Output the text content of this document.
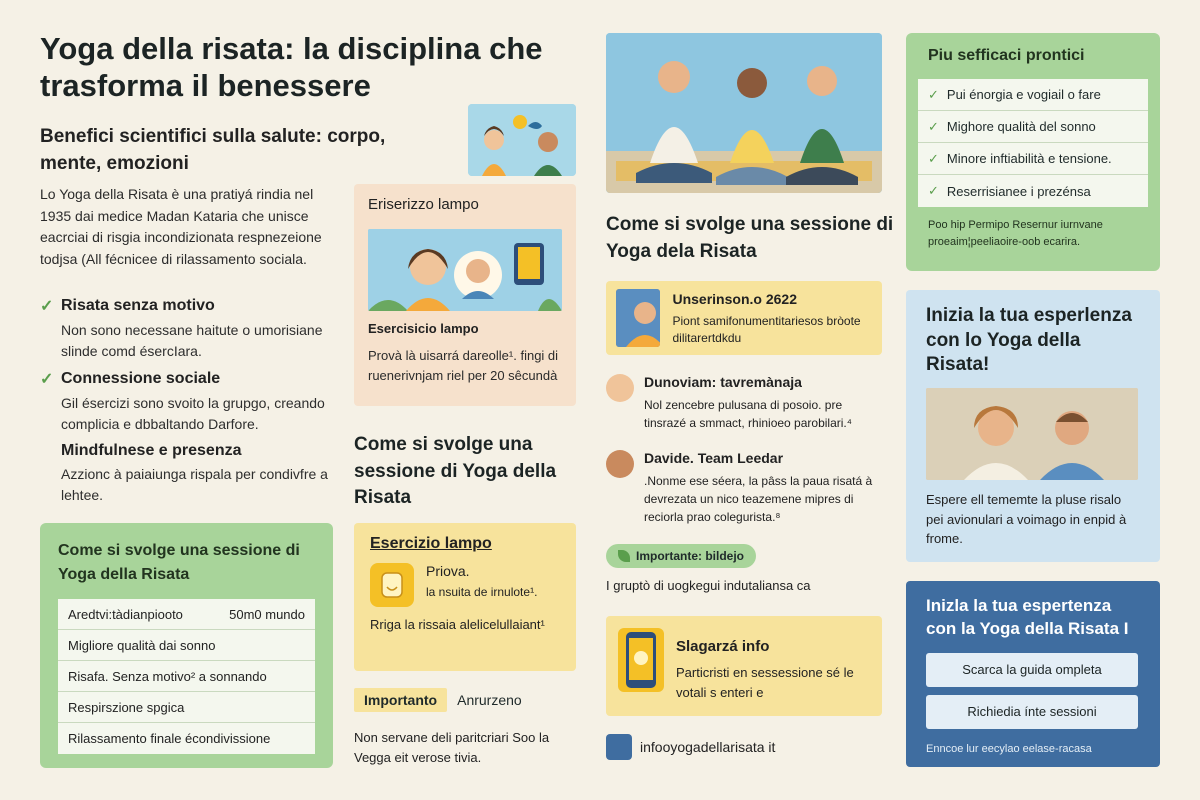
Yoga della risata: la disciplina che trasforma il benessere
Benefici scientifici sulla salute: corpo, mente, emozioni

Lo Yoga della Risata è una pratiyá rindia nel 1935 dai medice Madan Kataria che unisce eacrciai di risgia incondizionata respnezeione todjsa (All fécnicee di rilassamento sociala.

✓ Risata senza motivo
Non sono necessane haitute o umorisiane slinde comd ésercIara.
✓ Connessione sociale
Gil ésercizi sono svoito la grupgo, creando complicia e dbbaltando Darfore.
Mindfulnese e presenza
Azzionc à paiaiunga rispala per condivfre a lehtee.
Come si svolge una sessione di Yoga della Risata
Aredtvi:tàdianpiooto	50m0 mundo
Migliore qualità dai sonno
Risafa. Senza motivo² a sonnando
Respirszione spgica
Rilassamento finale écondivissione
Eriserizzo lampo
Esercisicio lampo
Provà là uisarrá dareolle¹. fingi di ruenerivnjam riel per 20 sêcundà
Come si svolge una sessione di Yoga della Risata
Esercizio lampo
Priova.
la nsuita de irnulote¹.
Rriga la rissaia alelicelullaiant¹
Importanto	Anrurzeno

Non servane deli paritcriari Soo la Vegga eit verose tivia.

Come si svolge una sessione di Yoga dela Risata
Unserinson.o 2622
Piont samifonumentitariesos bròote dilitarertdkdu
Dunoviam: tavremànaja
Nol zencebre pulusana di posoio. pre tinsrazé a smmact, rhinioeo parobilari.⁴
Davide. Team Leedar
.Nonme ese séera, la pâss la paua risatá à devrezata un nico teazemene mipres di reciorla prao colegurista.⁸
Importante: bildejo

I gruptò di uogkegui indutaliansa ca

Slagarzá info
Particristi en sessessione sé le votali s enteri e
infooyogadellarisata it
Piu sefficaci prontici
✓ Pui énorgia e vogiail o fare
✓ Mighore qualità del sonno
✓ Minore inftiabilità e tensione.
✓ Reserrisianee i prezénsa
Poo hip Permipo Resernur iurnvane proeaim¦peeliaoire-oob ecarira.
Inizia la tua esperlenza con lo Yoga della Risata!
Espere ell tememte la pluse risalo pei avionulari a voimago in enpid à frome.
Inizla la tua espertenza con la Yoga della Risata I
Scarca la guida ompleta
Richiedia ínte sessioni
Enncoe lur eecylao eelase-racasa
